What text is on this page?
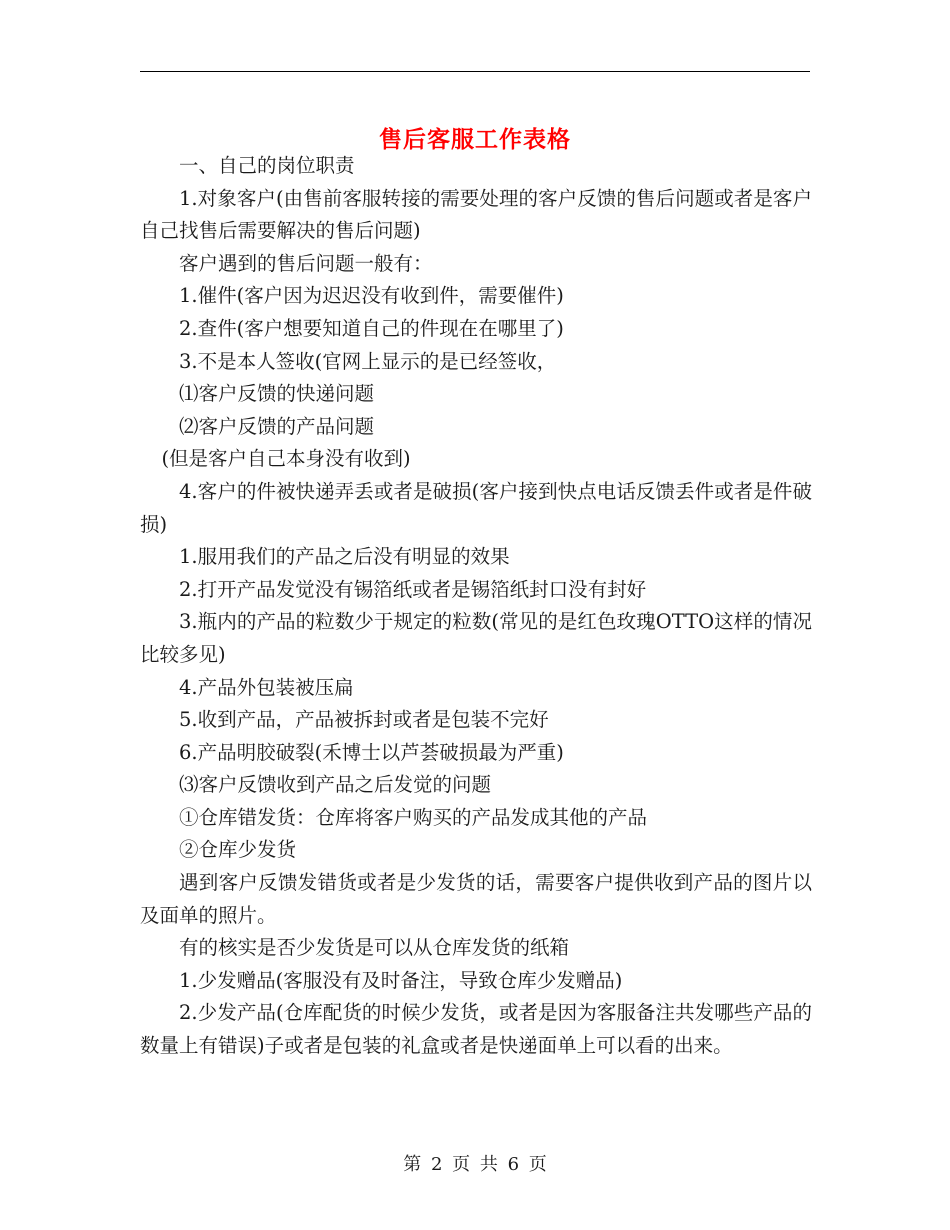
售后客服工作表格

一、自己的岗位职责

1.对象客户(由售前客服转接的需要处理的客户反馈的售后问题或者是客户自己找售后需要解决的售后问题)

客户遇到的售后问题一般有：

1.催件(客户因为迟迟没有收到件，需要催件)

2.查件(客户想要知道自己的件现在在哪里了)

3.不是本人签收(官网上显示的是已经签收，

⑴客户反馈的快递问题

⑵客户反馈的产品问题

(但是客户自己本身没有收到)

4.客户的件被快递弄丢或者是破损(客户接到快点电话反馈丢件或者是件破损)

1.服用我们的产品之后没有明显的效果

2.打开产品发觉没有锡箔纸或者是锡箔纸封口没有封好

3.瓶内的产品的粒数少于规定的粒数(常见的是红色玫瑰OTTO这样的情况比较多见)

4.产品外包装被压扁

5.收到产品，产品被拆封或者是包装不完好

6.产品明胶破裂(禾博士以芦荟破损最为严重)

⑶客户反馈收到产品之后发觉的问题

①仓库错发货：仓库将客户购买的产品发成其他的产品

②仓库少发货

遇到客户反馈发错货或者是少发货的话，需要客户提供收到产品的图片以及面单的照片。

有的核实是否少发货是可以从仓库发货的纸箱

1.少发赠品(客服没有及时备注，导致仓库少发赠品)

2.少发产品(仓库配货的时候少发货，或者是因为客服备注共发哪些产品的数量上有错误)子或者是包装的礼盒或者是快递面单上可以看的出来。

第 2 页 共 6 页
